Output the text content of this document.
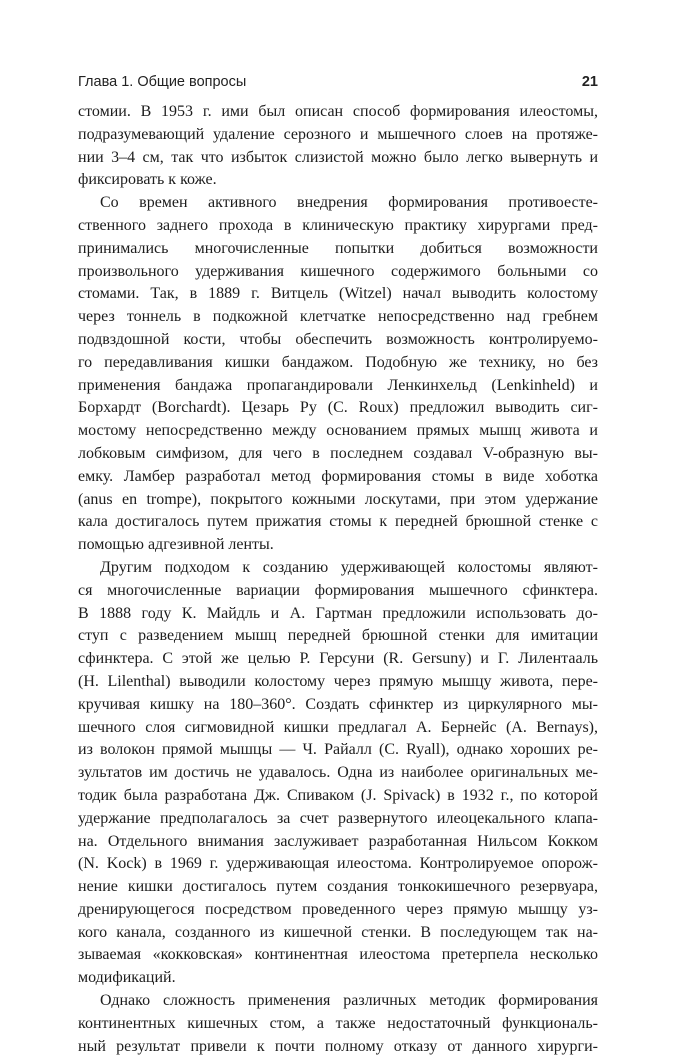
Глава 1. Общие вопросы	21

стомии. В 1953 г. ими был описан способ формирования илеостомы,
подразумевающий удаление серозного и мышечного слоев на протяже-
нии 3–4 см, так что избыток слизистой можно было легко вывернуть и
фиксировать к коже.

Со времен активного внедрения формирования противоесте-
ственного заднего прохода в клиническую практику хирургами пред-
принимались многочисленные попытки добиться возможности
произвольного удерживания кишечного содержимого больными со
стомами. Так, в 1889 г. Витцель (Witzel) начал выводить колостому
через тоннель в подкожной клетчатке непосредственно над гребнем
подвздошной кости, чтобы обеспечить возможность контролируемо-
го передавливания кишки бандажом. Подобную же технику, но без
применения бандажа пропагандировали Ленкинхельд (Lenkinheld) и
Борхардт (Borchardt). Цезарь Ру (C. Roux) предложил выводить сиг-
мостому непосредственно между основанием прямых мышц живота и
лобковым симфизом, для чего в последнем создавал V-образную вы-
емку. Ламбер разработал метод формирования стомы в виде хоботка
(anus en trompe), покрытого кожными лоскутами, при этом удержание
кала достигалось путем прижатия стомы к передней брюшной стенке с
помощью адгезивной ленты.

Другим подходом к созданию удерживающей колостомы являют-
ся многочисленные вариации формирования мышечного сфинктера.
В 1888 году К. Майдль и А. Гартман предложили использовать до-
ступ с разведением мышц передней брюшной стенки для имитации
сфинктера. С этой же целью Р. Герсуни (R. Gersuny) и Г. Лилентааль
(H. Lilenthal) выводили колостому через прямую мышцу живота, пере-
кручивая кишку на 180–360°. Создать сфинктер из циркулярного мы-
шечного слоя сигмовидной кишки предлагал А. Бернейс (A. Bernays),
из волокон прямой мышцы — Ч. Райалл (C. Ryall), однако хороших ре-
зультатов им достичь не удавалось. Одна из наиболее оригинальных ме-
тодик была разработана Дж. Спиваком (J. Spivack) в 1932 г., по которой
удержание предполагалось за счет развернутого илеоцекального клапа-
на. Отдельного внимания заслуживает разработанная Нильсом Кокком
(N. Kock) в 1969 г. удерживающая илеостома. Контролируемое опорож-
нение кишки достигалось путем создания тонкокишечного резервуара,
дренирующегося посредством проведенного через прямую мышцу уз-
кого канала, созданного из кишечной стенки. В последующем так на-
зываемая «кокковская» континентная илеостома претерпела несколько
модификаций.

Однако сложность применения различных методик формирования
континентных кишечных стом, а также недостаточный функциональ-
ный результат привели к почти полному отказу от данного хирурги-
